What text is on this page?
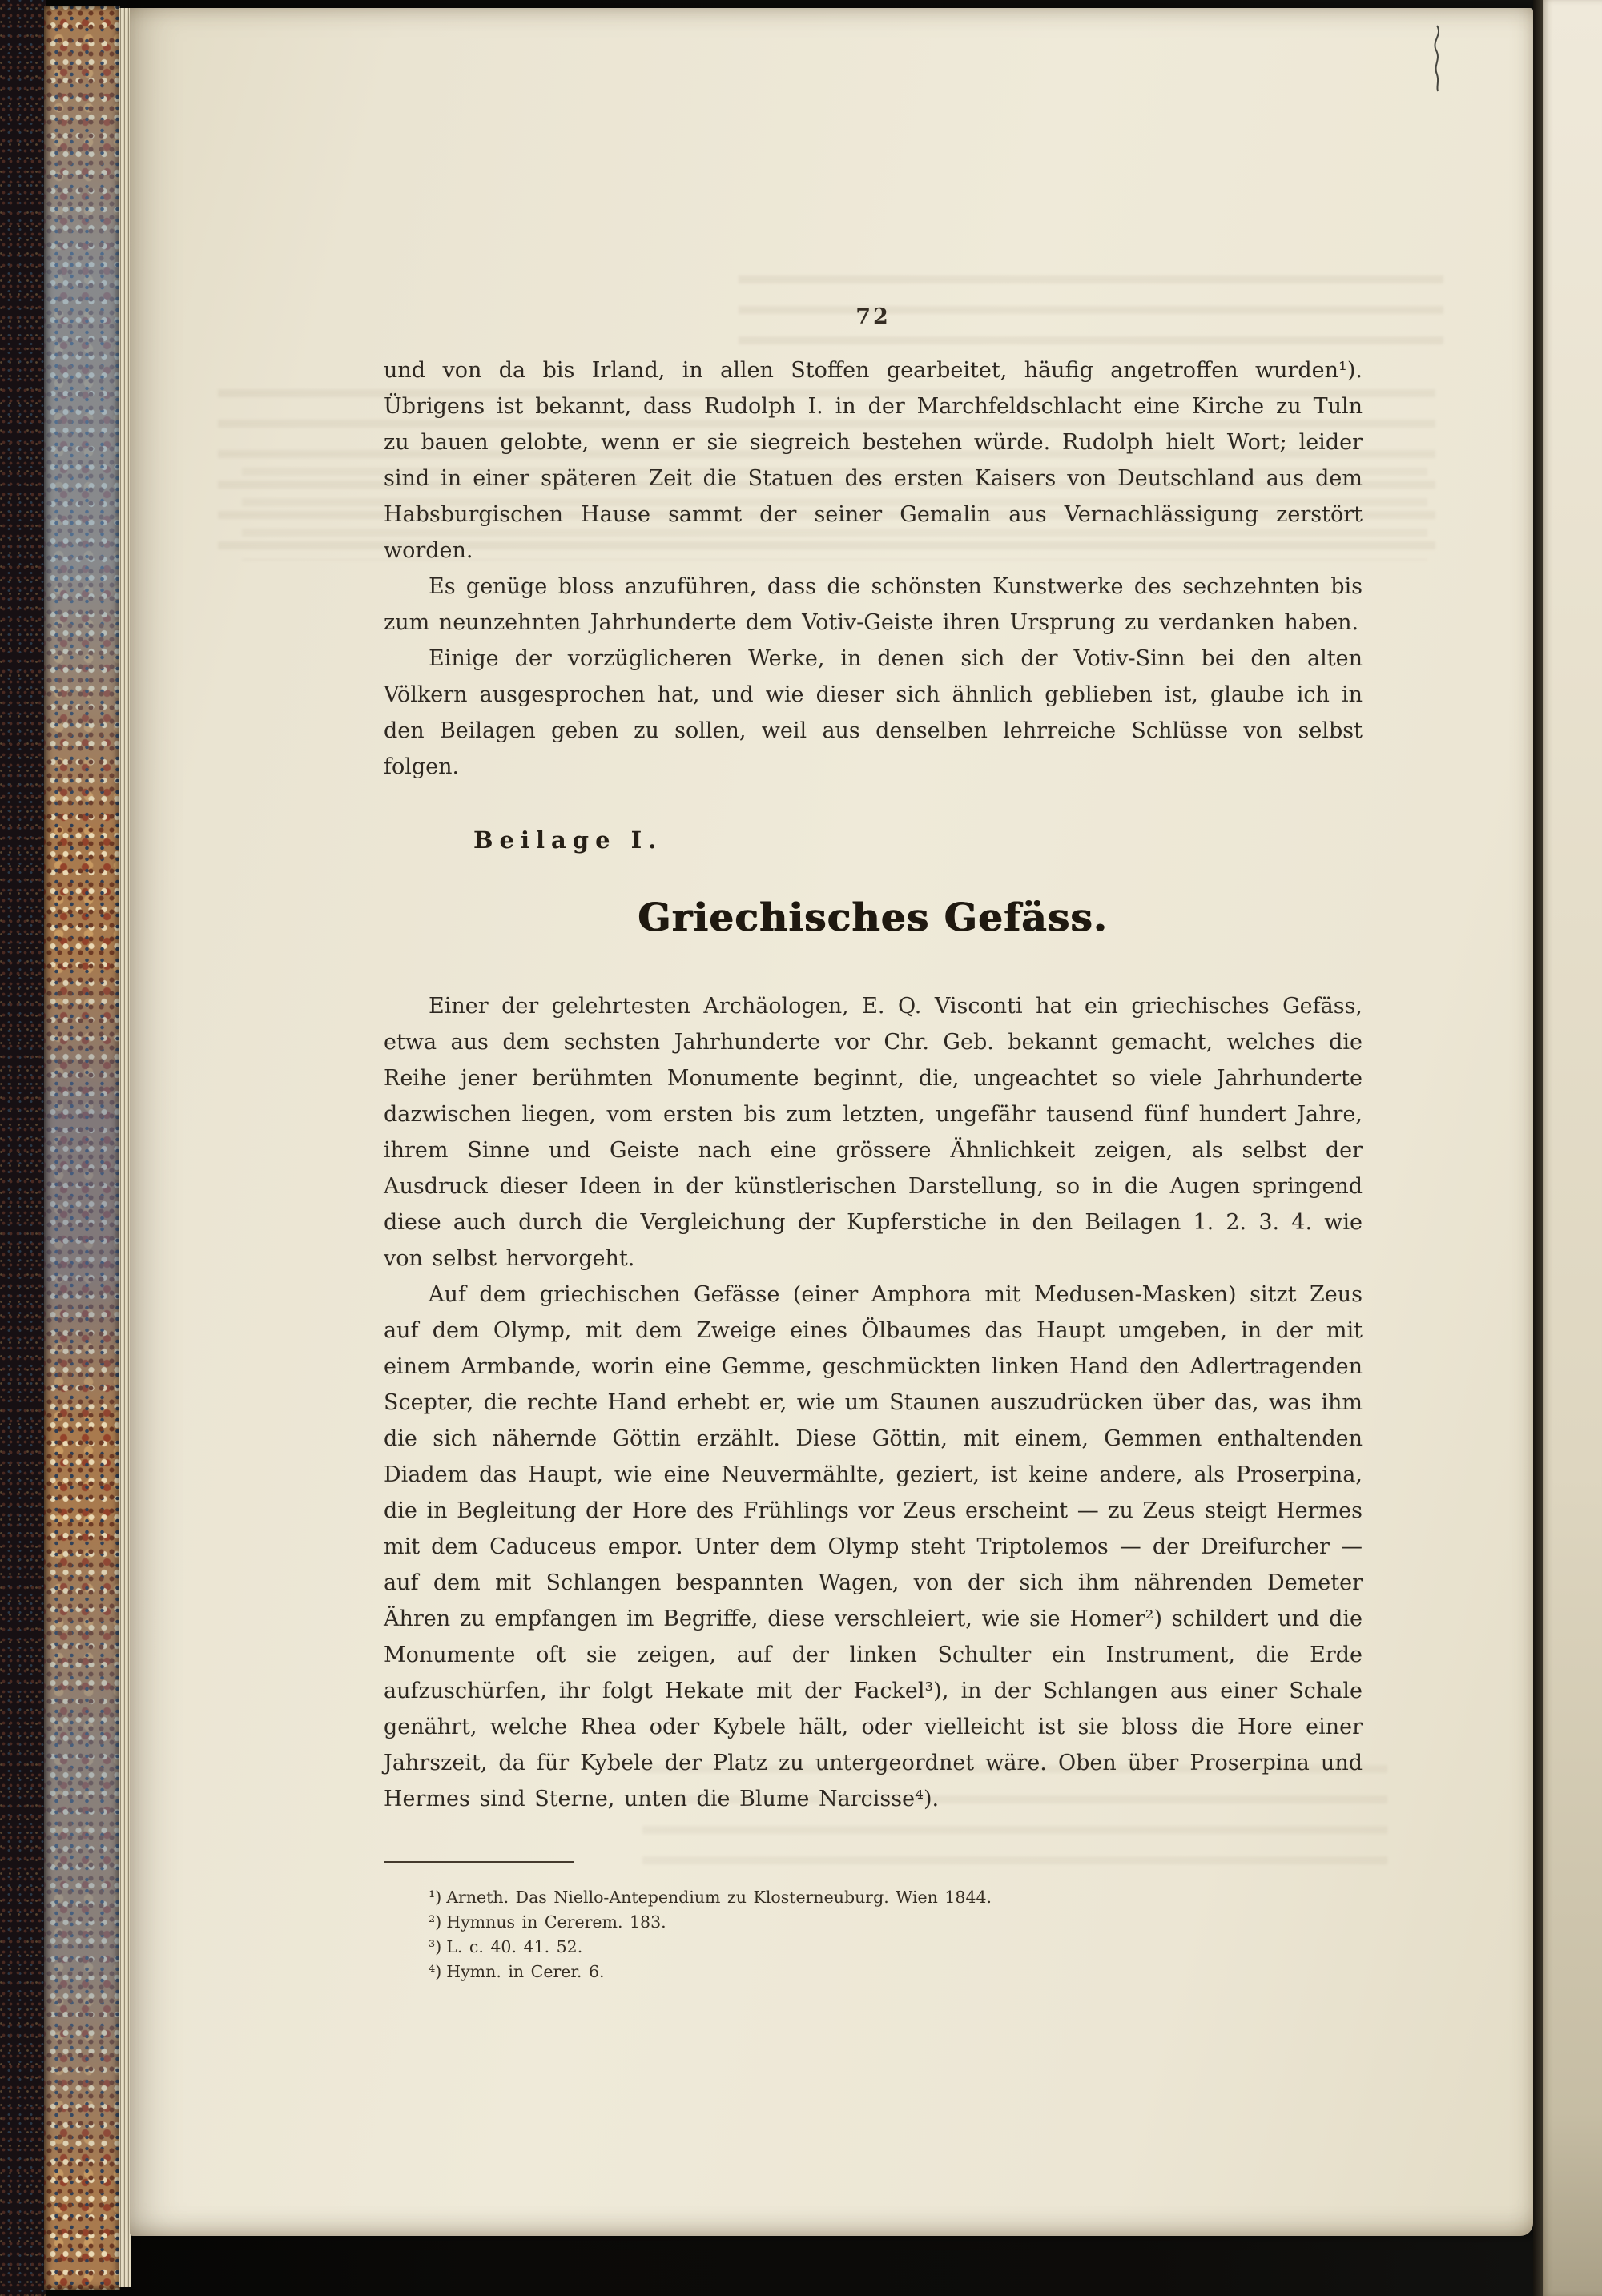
72

und von da bis Irland, in allen Stoffen gearbeitet, häufig angetroffen wurden¹). Übrigens ist bekannt, dass Rudolph I. in der Marchfeldschlacht eine Kirche zu Tuln zu bauen gelobte, wenn er sie siegreich bestehen würde. Rudolph hielt Wort; leider sind in einer späteren Zeit die Statuen des ersten Kaisers von Deutschland aus dem Habsburgischen Hause sammt der seiner Gemalin aus Vernachlässigung zerstört worden.

Es genüge bloss anzuführen, dass die schönsten Kunstwerke des sechzehnten bis zum neunzehnten Jahrhunderte dem Votiv-Geiste ihren Ursprung zu verdanken haben.

Einige der vorzüglicheren Werke, in denen sich der Votiv-Sinn bei den alten Völkern ausgesprochen hat, und wie dieser sich ähnlich geblieben ist, glaube ich in den Beilagen geben zu sollen, weil aus denselben lehrreiche Schlüsse von selbst folgen.

Beilage I.
Griechisches Gefäss.

Einer der gelehrtesten Archäologen, E. Q. Visconti hat ein griechisches Gefäss, etwa aus dem sechsten Jahrhunderte vor Chr. Geb. bekannt gemacht, welches die Reihe jener berühmten Monumente beginnt, die, ungeachtet so viele Jahrhunderte dazwischen liegen, vom ersten bis zum letzten, ungefähr tausend fünf hundert Jahre, ihrem Sinne und Geiste nach eine grössere Ähnlichkeit zeigen, als selbst der Ausdruck dieser Ideen in der künstlerischen Darstellung, so in die Augen springend diese auch durch die Vergleichung der Kupferstiche in den Beilagen 1. 2. 3. 4. wie von selbst hervorgeht.

Auf dem griechischen Gefässe (einer Amphora mit Medusen-Masken) sitzt Zeus auf dem Olymp, mit dem Zweige eines Ölbaumes das Haupt umgeben, in der mit einem Armbande, worin eine Gemme, geschmückten linken Hand den Adlertragenden Scepter, die rechte Hand erhebt er, wie um Staunen auszudrücken über das, was ihm die sich nähernde Göttin erzählt. Diese Göttin, mit einem, Gemmen enthaltenden Diadem das Haupt, wie eine Neuvermählte, geziert, ist keine andere, als Proserpina, die in Begleitung der Hore des Frühlings vor Zeus erscheint — zu Zeus steigt Hermes mit dem Caduceus empor. Unter dem Olymp steht Triptolemos — der Dreifurcher — auf dem mit Schlangen bespannten Wagen, von der sich ihm nährenden Demeter Ähren zu empfangen im Begriffe, diese verschleiert, wie sie Homer²) schildert und die Monumente oft sie zeigen, auf der linken Schulter ein Instrument, die Erde aufzuschürfen, ihr folgt Hekate mit der Fackel³), in der Schlangen aus einer Schale genährt, welche Rhea oder Kybele hält, oder vielleicht ist sie bloss die Hore einer Jahrszeit, da für Kybele der Platz zu untergeordnet wäre. Oben über Proserpina und Hermes sind Sterne, unten die Blume Narcisse⁴).

¹) Arneth. Das Niello-Antependium zu Klosterneuburg. Wien 1844.
²) Hymnus in Cererem. 183.
³) L. c. 40. 41. 52.
⁴) Hymn. in Cerer. 6.
